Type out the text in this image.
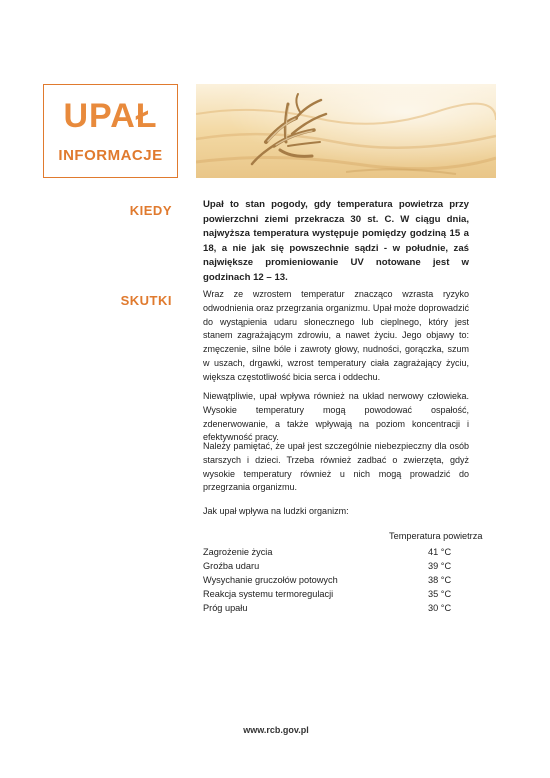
UPAŁ
INFORMACJE
KIEDY	Upał to stan pogody, gdy temperatura powietrza przy powierzchni ziemi przekracza 30 st. C. W ciągu dnia, najwyższa temperatura występuje pomiędzy godziną 15 a 18, a nie jak się powszechnie sądzi - w południe, zaś największe promieniowanie UV notowane jest w godzinach 12 – 13.
SKUTKI	Wraz ze wzrostem temperatur znacząco wzrasta ryzyko odwodnienia oraz przegrzania organizmu. Upał może doprowadzić do wystąpienia udaru słonecznego lub cieplnego, który jest stanem zagrażającym zdrowiu, a nawet życiu. Jego objawy to: zmęczenie, silne bóle i zawroty głowy, nudności, gorączka, szum w uszach, drgawki, wzrost temperatury ciała zagrażający życiu, większa częstotliwość bicia serca i oddechu.
Niewątpliwie, upał wpływa również na układ nerwowy człowieka. Wysokie temperatury mogą powodować ospałość, zdenerwowanie, a także wpływają na poziom koncentracji i efektywność pracy.
Należy pamiętać, że upał jest szczególnie niebezpieczny dla osób starszych i dzieci. Trzeba również zadbać o zwierzęta, gdyż wysokie temperatury również u nich mogą prowadzić do przegrzania organizmu.
Jak upał wpływa na ludzki organizm:
Temperatura powietrza
Zagrożenie życia	41 °C
Groźba udaru	39 °C
Wysychanie gruczołów potowych	38 °C
Reakcja systemu termoregulacji	35 °C
Próg upału	30 °C
www.rcb.gov.pl
